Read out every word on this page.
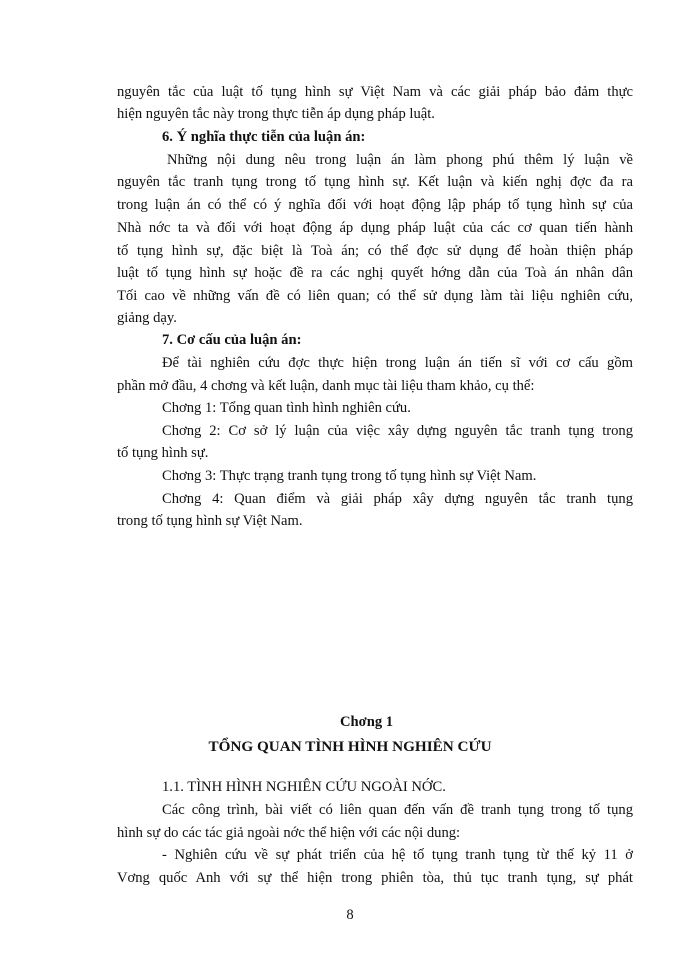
nguyên tắc của luật tố tụng hình sự Việt Nam và các giải pháp bảo đảm thực
hiện nguyên tắc này trong thực tiễn áp dụng pháp luật.
6. Ý nghĩa thực tiễn của luận án:
Những nội dung nêu trong luận án làm phong phú thêm lý luận về
nguyên tắc tranh tụng trong tố tụng hình sự. Kết luận và kiến nghị đợc đa ra
trong luận án có thể có ý nghĩa đối với hoạt động lập pháp tố tụng hình sự của
Nhà nớc ta và đối với hoạt động áp dụng pháp luật của các cơ quan tiến hành
tố tụng hình sự, đặc biệt là Toà án; có thể đợc sử dụng để hoàn thiện pháp
luật tố tụng hình sự hoặc đề ra các nghị quyết hớng dẫn của Toà án nhân dân
Tối cao về những vấn đề có liên quan; có thể sử dụng làm tài liệu nghiên cứu,
giảng dạy.
7. Cơ cấu của luận án:
Để tài nghiên cứu đợc thực hiện trong luận án tiến sĩ với cơ cấu gồm
phần mở đầu, 4 chơng và kết luận, danh mục tài liệu tham khảo, cụ thể:
Chơng 1: Tổng quan tình hình nghiên cứu.
Chơng 2: Cơ sở lý luận của việc xây dựng nguyên tắc tranh tụng trong
tố tụng hình sự.
Chơng 3: Thực trạng tranh tụng trong tố tụng hình sự Việt Nam.
Chơng 4: Quan điểm và giải pháp xây dựng nguyên tắc tranh tụng
trong tố tụng hình sự Việt Nam.
Chơng 1
TỔNG QUAN TÌNH HÌNH NGHIÊN CỨU
1.1. TÌNH HÌNH NGHIÊN CỨU NGOÀI NỚC.
Các công trình, bài viết có liên quan đến vấn đề tranh tụng trong tố tụng
hình sự do các tác giả ngoài nớc thể hiện với các nội dung:
- Nghiên cứu về sự phát triển của hệ tố tụng tranh tụng từ thế kỷ 11 ở
Vơng quốc Anh với sự thể hiện trong phiên tòa, thủ tục tranh tụng, sự phát
8
